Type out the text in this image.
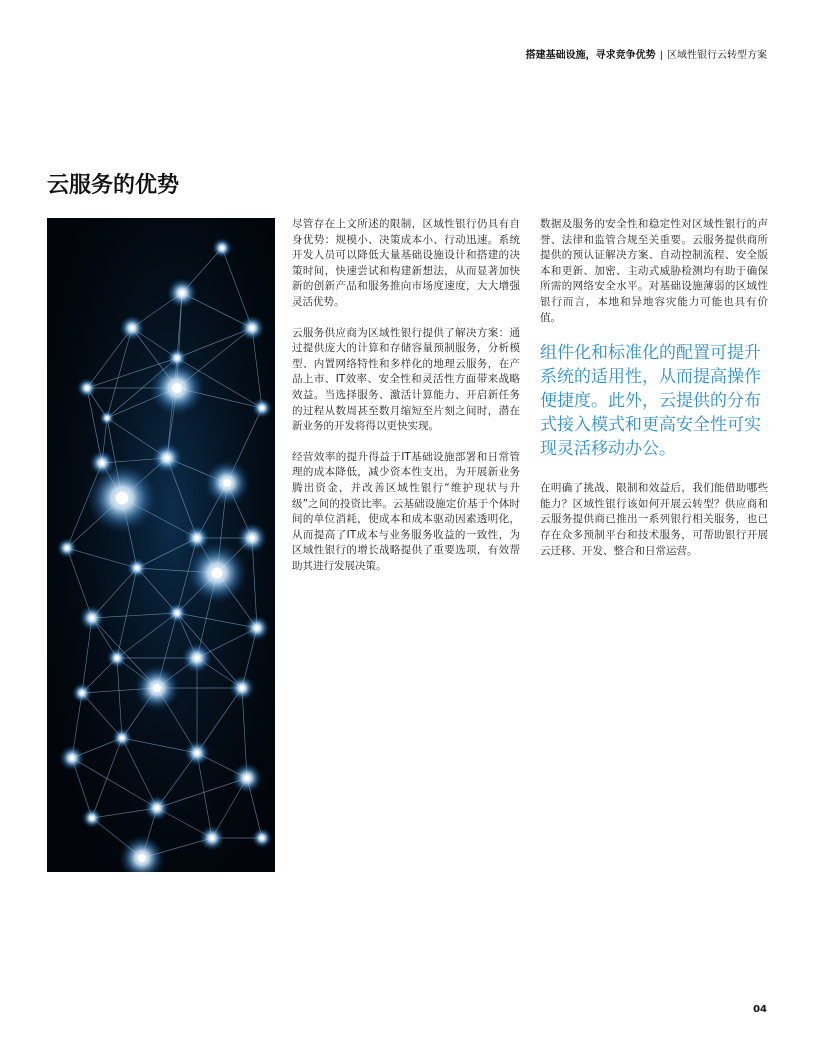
搭建基础设施，寻求竞争优势 | 区域性银行云转型方案
云服务的优势

尽管存在上文所述的限制，区域性银行仍具有自身优势：规模小、决策成本小、行动迅速。系统开发人员可以降低大量基础设施设计和搭建的决策时间，快速尝试和构建新想法，从而显著加快新的创新产品和服务推向市场度速度，大大增强灵活优势。

云服务供应商为区域性银行提供了解决方案：通过提供庞大的计算和存储容量预制服务，分析模型、内置网络特性和多样化的地理云服务，在产品上市、IT效率、安全性和灵活性方面带来战略效益。当选择服务、激活计算能力、开启新任务的过程从数周甚至数月缩短至片刻之间时，潜在新业务的开发将得以更快实现。

经营效率的提升得益于IT基础设施部署和日常管理的成本降低，减少资本性支出，为开展新业务腾出资金，并改善区域性银行“维护现状与升级”之间的投资比率。云基础设施定价基于个体时间的单位消耗，使成本和成本驱动因素透明化，从而提高了IT成本与业务服务收益的一致性，为区域性银行的增长战略提供了重要选项，有效帮助其进行发展决策。

数据及服务的安全性和稳定性对区域性银行的声誉、法律和监管合规至关重要。云服务提供商所提供的预认证解决方案、自动控制流程、安全版本和更新、加密、主动式威胁检测均有助于确保所需的网络安全水平。对基础设施薄弱的区域性银行而言，本地和异地容灾能力可能也具有价值。

组件化和标准化的配置可提升系统的适用性，从而提高操作便捷度。此外，云提供的分布式接入模式和更高安全性可实现灵活移动办公。

在明确了挑战、限制和效益后，我们能借助哪些能力？区域性银行该如何开展云转型？供应商和云服务提供商已推出一系列银行相关服务，也已存在众多预制平台和技术服务，可帮助银行开展云迁移、开发、整合和日常运营。

04
